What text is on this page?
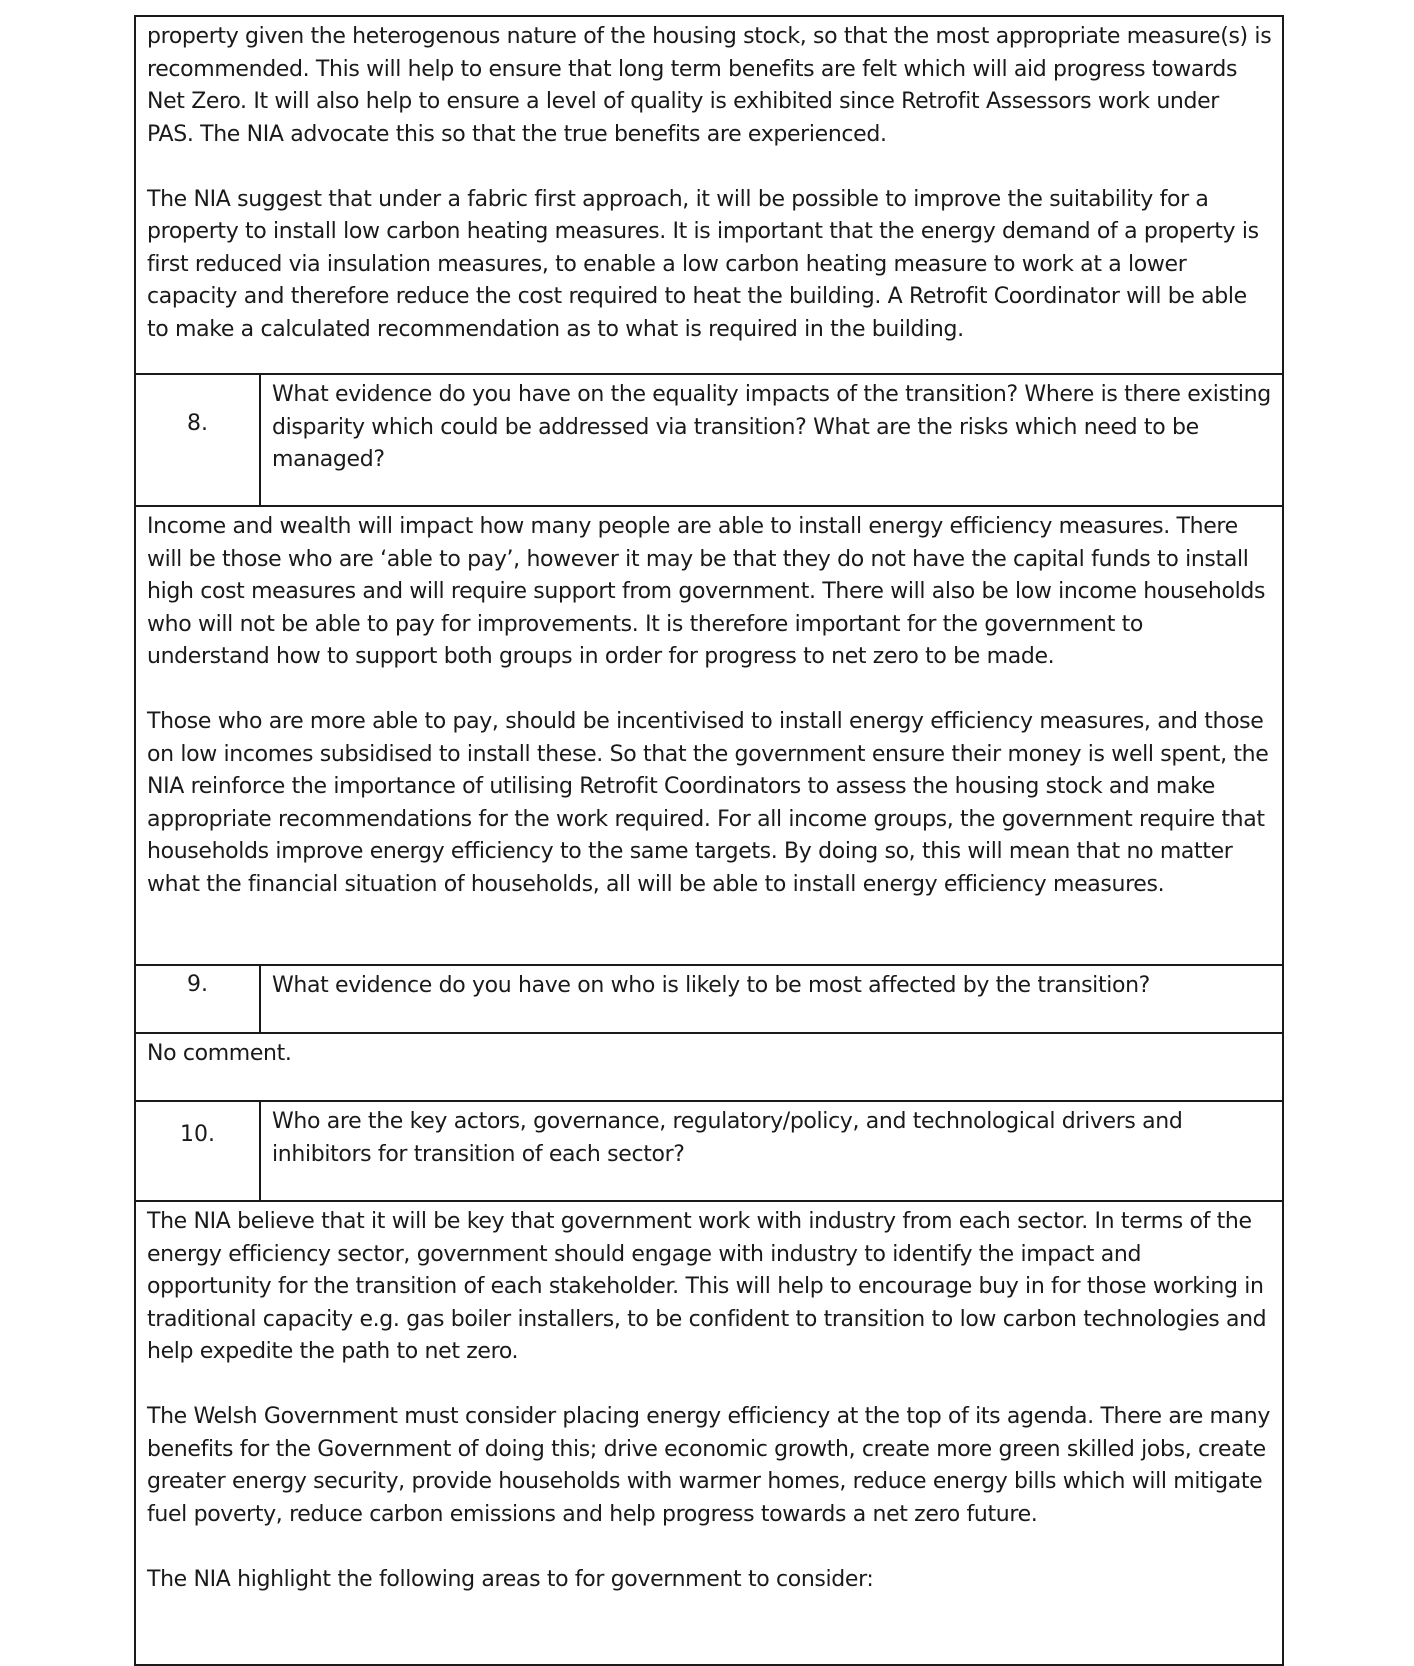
property given the heterogenous nature of the housing stock, so that the most appropriate measure(s) is recommended. This will help to ensure that long term benefits are felt which will aid progress towards Net Zero. It will also help to ensure a level of quality is exhibited since Retrofit Assessors work under PAS. The NIA advocate this so that the true benefits are experienced.

The NIA suggest that under a fabric first approach, it will be possible to improve the suitability for a property to install low carbon heating measures. It is important that the energy demand of a property is first reduced via insulation measures, to enable a low carbon heating measure to work at a lower capacity and therefore reduce the cost required to heat the building. A Retrofit Coordinator will be able to make a calculated recommendation as to what is required in the building.

8.
What evidence do you have on the equality impacts of the transition? Where is there existing disparity which could be addressed via transition? What are the risks which need to be managed?

Income and wealth will impact how many people are able to install energy efficiency measures. There will be those who are ‘able to pay’, however it may be that they do not have the capital funds to install high cost measures and will require support from government. There will also be low income households who will not be able to pay for improvements. It is therefore important for the government to understand how to support both groups in order for progress to net zero to be made.

Those who are more able to pay, should be incentivised to install energy efficiency measures, and those on low incomes subsidised to install these. So that the government ensure their money is well spent, the NIA reinforce the importance of utilising Retrofit Coordinators to assess the housing stock and make appropriate recommendations for the work required. For all income groups, the government require that households improve energy efficiency to the same targets. By doing so, this will mean that no matter what the financial situation of households, all will be able to install energy efficiency measures.

9.	What evidence do you have on who is likely to be most affected by the transition?

No comment.

10.
Who are the key actors, governance, regulatory/policy, and technological drivers and inhibitors for transition of each sector?

The NIA believe that it will be key that government work with industry from each sector. In terms of the energy efficiency sector, government should engage with industry to identify the impact and opportunity for the transition of each stakeholder. This will help to encourage buy in for those working in traditional capacity e.g. gas boiler installers, to be confident to transition to low carbon technologies and help expedite the path to net zero.

The Welsh Government must consider placing energy efficiency at the top of its agenda. There are many benefits for the Government of doing this; drive economic growth, create more green skilled jobs, create greater energy security, provide households with warmer homes, reduce energy bills which will mitigate fuel poverty, reduce carbon emissions and help progress towards a net zero future.

The NIA highlight the following areas to for government to consider:
